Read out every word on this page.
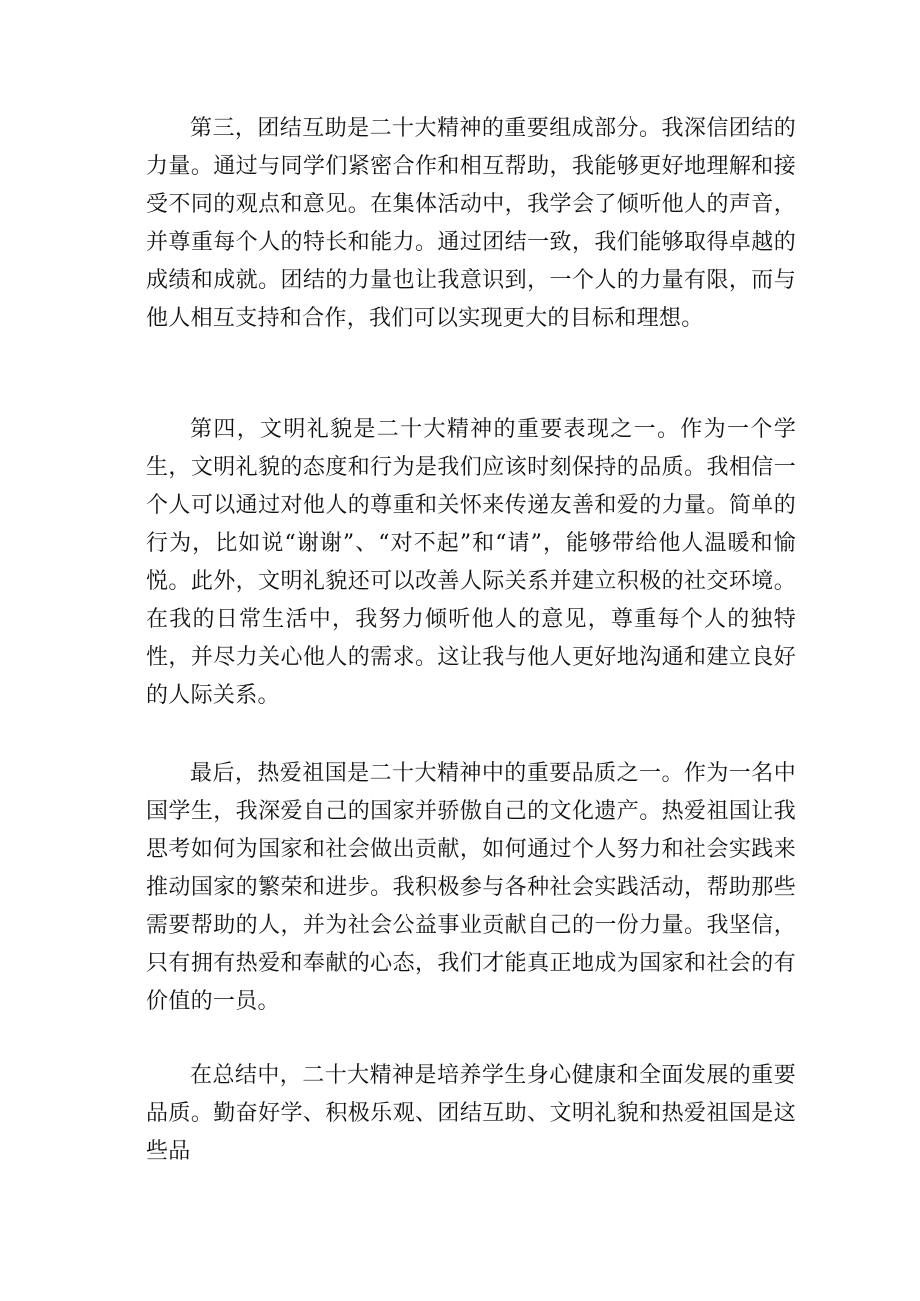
第三，团结互助是二十大精神的重要组成部分。我深信团结的力量。通过与同学们紧密合作和相互帮助，我能够更好地理解和接受不同的观点和意见。在集体活动中，我学会了倾听他人的声音，并尊重每个人的特长和能力。通过团结一致，我们能够取得卓越的成绩和成就。团结的力量也让我意识到，一个人的力量有限，而与他人相互支持和合作，我们可以实现更大的目标和理想。

第四，文明礼貌是二十大精神的重要表现之一。作为一个学生，文明礼貌的态度和行为是我们应该时刻保持的品质。我相信一个人可以通过对他人的尊重和关怀来传递友善和爱的力量。简单的行为，比如说“谢谢”、“对不起”和“请”，能够带给他人温暖和愉悦。此外，文明礼貌还可以改善人际关系并建立积极的社交环境。在我的日常生活中，我努力倾听他人的意见，尊重每个人的独特性，并尽力关心他人的需求。这让我与他人更好地沟通和建立良好的人际关系。

最后，热爱祖国是二十大精神中的重要品质之一。作为一名中国学生，我深爱自己的国家并骄傲自己的文化遗产。热爱祖国让我思考如何为国家和社会做出贡献，如何通过个人努力和社会实践来推动国家的繁荣和进步。我积极参与各种社会实践活动，帮助那些需要帮助的人，并为社会公益事业贡献自己的一份力量。我坚信，只有拥有热爱和奉献的心态，我们才能真正地成为国家和社会的有价值的一员。

在总结中，二十大精神是培养学生身心健康和全面发展的重要品质。勤奋好学、积极乐观、团结互助、文明礼貌和热爱祖国是这些品
